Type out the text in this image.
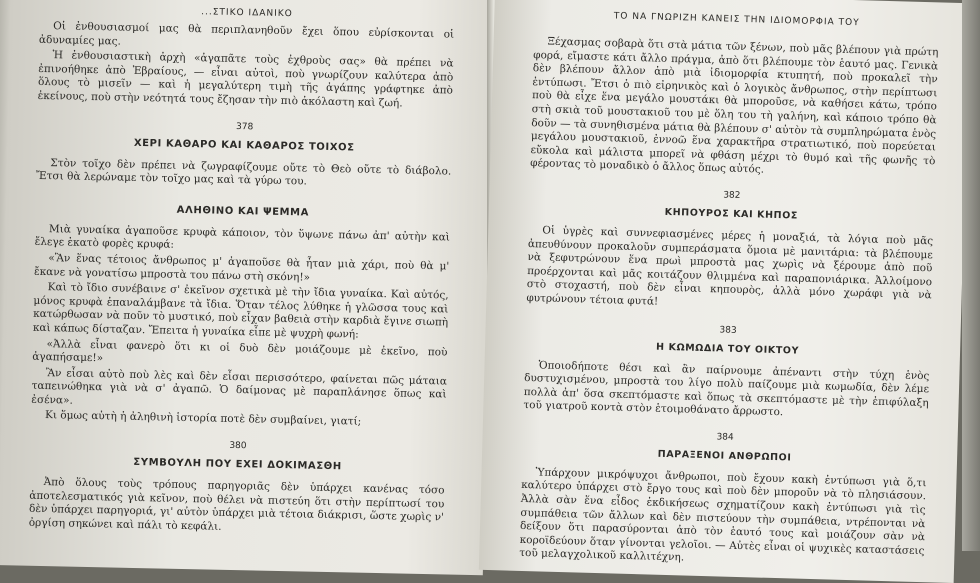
...ΣΤΙΚΟ ΙΔΑΝΙΚΟ

Οἱ ἐνθουσιασμοί μας θὰ περιπλανηθοῦν ἔχει ὅπου εὐρίσκονται οἱ ἀδυναμίες μας.

Ἡ ἐνθουσιαστικὴ ἀρχὴ «ἀγαπᾶτε τοὺς ἐχθροὺς σας» θὰ πρέπει νὰ ἐπινοήθηκε ἀπὸ Ἑβραίους, — εἶναι αὐτοὶ, ποὺ γνωρίζουν καλύτερα ἀπὸ ὅλους τὸ μισεῖν — καὶ ἡ μεγαλύτερη τιμὴ τῆς ἀγάπης γράφτηκε ἀπὸ ἐκείνους, ποὺ στὴν νεότητά τους ἔζησαν τὴν πιὸ ἀκόλαστη καὶ ζωή.

378
ΧΕΡΙ ΚΑΘΑΡΟ ΚΑΙ ΚΑΘΑΡΟΣ ΤΟΙΧΟΣ

Στὸν τοῖχο δὲν πρέπει νὰ ζωγραφίζουμε οὔτε τὸ Θεὸ οὔτε τὸ διάβολο. Ἔτσι θὰ λερώναμε τὸν τοῖχο μας καὶ τὰ γύρω του.

ΑΛΗΘΙΝΟ ΚΑΙ ΨΕΜΜΑ

Μιὰ γυναίκα ἀγαποῦσε κρυφὰ κάποιον, τὸν ὕψωνε πάνω ἀπ' αὐτὴν καὶ ἔλεγε ἑκατὸ φορὲς κρυφά:

«Ἂν ἕνας τέτοιος ἄνθρωπος μ' ἀγαποῦσε θὰ ἦταν μιὰ χάρι, ποὺ θὰ μ' ἔκανε νὰ γονατίσω μπροστὰ του πάνω στὴ σκόνη!»

Καὶ τὸ ἴδιο συνέβαινε σ' ἐκεῖνον σχετικὰ μὲ τὴν ἴδια γυναίκα. Καὶ αὐτός, μόνος κρυφὰ ἐπαναλάμβανε τὰ ἴδια. Ὅταν τέλος λύθηκε ἡ γλῶσσα τους καὶ κατώρθωσαν νὰ ποῦν τὸ μυστικό, ποὺ εἶχαν βαθειὰ στὴν καρδιὰ ἔγινε σιωπὴ καὶ κάπως δίσταζαν. Ἔπειτα ἡ γυναίκα εἶπε μὲ ψυχρὴ φωνή:

«Ἀλλὰ εἶναι φανερὸ ὅτι κι οἱ δυὸ δὲν μοιάζουμε μὲ ἐκεῖνο, ποὺ ἀγαπήσαμε!»

Ἂν εἶσαι αὐτὸ ποὺ λὲς καὶ δὲν εἶσαι περισσότερο, φαίνεται πῶς μάταια ταπεινώθηκα γιὰ νὰ σ' ἀγαπῶ. Ὁ δαίμονας μὲ παραπλάνησε ὅπως καὶ ἐσένα».

Κι ὅμως αὐτὴ ἡ ἀληθινὴ ἱστορία ποτὲ δὲν συμβαίνει, γιατί;

380
ΣΥΜΒΟΥΛΗ ΠΟΥ ΕΧΕΙ ΔΟΚΙΜΑΣΘΗ

Ἀπὸ ὅλους τοὺς τρόπους παρηγοριᾶς δὲν ὑπάρχει κανένας τόσο ἀποτελεσματικός γιὰ κεῖνον, ποὺ θέλει νὰ πιστεύη ὅτι στὴν περίπτωσί του δὲν ὑπάρχει παρηγοριά, γι' αὐτὸν ὑπάρχει μιὰ τέτοια διάκρισι, ὥστε χωρὶς ν' ὀργίση σηκώνει καὶ πάλι τὸ κεφάλι.

ΤΟ ΝΑ ΓΝΩΡΙΖΗ ΚΑΝΕΙΣ ΤΗΝ ΙΔΙΟΜΟΡΦΙΑ ΤΟΥ

Ξέχασμας σοβαρὰ ὅτι στὰ μάτια τῶν ξένων, ποὺ μᾶς βλέπουν γιὰ πρώτη φορά, εἴμαστε κάτι ἄλλο πράγμα, ἀπὸ ὅτι βλέπουμε τὸν ἑαυτό μας. Γενικὰ δὲν βλέπουν ἄλλον ἀπὸ μιὰ ἰδιομορφία κτυπητή, ποὺ προκαλεῖ τὴν ἐντύπωσι. Ἔτσι ὁ πιὸ εἰρηνικὸς καὶ ὁ λογικὸς ἄνθρωπος, στὴν περίπτωσι ποὺ θὰ εἶχε ἕνα μεγάλο μουστάκι θὰ μποροῦσε, νὰ καθήσει κάτω, τρόπο στὴ σκιὰ τοῦ μουστακιοῦ του μὲ ὅλη του τὴ γαλήνη, καὶ κάποιο τρόπο θὰ δοῦν — τὰ συνηθισμένα μάτια θὰ βλέπουν σ' αὐτὸν τὰ συμπληρώματα ἑνὸς μεγάλου μουστακιοῦ, ἐννοῶ ἕνα χαρακτῆρα στρατιωτικό, ποὺ πορεύεται εὔκολα καὶ μάλιστα μπορεῖ νὰ φθάση μέχρι τὸ θυμό καὶ τῆς φωνῆς τὸ φέροντας τὸ μοναδικὸ ὁ ἄλλος ὅπως αὐτός.

382
ΚΗΠΟΥΡΟΣ ΚΑΙ ΚΗΠΟΣ

Οἱ ὑγρὲς καὶ συννεφιασμένες μέρες ἡ μοναξιά, τὰ λόγια ποὺ μᾶς ἀπευθύνουν προκαλοῦν συμπεράσματα ὅμοια μὲ μανιτάρια: τὰ βλέπουμε νὰ ξεφυτρώνουν ἕνα πρωὶ μπροστὰ μας χωρὶς νὰ ξέρουμε ἀπὸ ποῦ προέρχονται καὶ μᾶς κοιτάζουν θλιμμένα καὶ παραπονιάρικα. Ἀλλοίμονο στὸ στοχαστή, ποὺ δὲν εἶναι κηπουρὸς, ἀλλὰ μόνο χωράφι γιὰ νὰ φυτρώνουν τέτοια φυτά!

383
Η ΚΩΜΩΔΙΑ ΤΟΥ ΟΙΚΤΟΥ

Ὁποιοδήποτε θέσι καὶ ἂν παίρνουμε ἀπέναντι στὴν τύχη ἑνὸς δυστυχισμένου, μπροστὰ του λίγο πολὺ παίζουμε μιὰ κωμωδία, δὲν λέμε πολλὰ ἀπ' ὅσα σκεπτόμαστε καὶ ὅπως τὰ σκεπτόμαστε μὲ τὴν ἐπιφύλαξη τοῦ γιατροῦ κοντὰ στὸν ἑτοιμοθάνατο ἄρρωστο.

384
ΠΑΡΑΞΕΝΟΙ ΑΝΘΡΩΠΟΙ

Ὑπάρχουν μικρόψυχοι ἄνθρωποι, ποὺ ἔχουν κακὴ ἐντύπωσι γιὰ ὅ,τι καλύτερο ὑπάρχει στὸ ἔργο τους καὶ ποὺ δὲν μποροῦν νὰ τὸ πλησιάσουν. Ἀλλὰ σὰν ἕνα εἶδος ἐκδικήσεως σχηματίζουν κακὴ ἐντύπωσι γιὰ τὶς συμπάθεια τῶν ἄλλων καὶ δὲν πιστεύουν τὴν συμπάθεια, ντρέπονται νὰ δείξουν ὅτι παρασύρονται ἀπὸ τὸν ἑαυτό τους καὶ μοιάζουν σὰν νὰ κοροϊδεύουν ὅταν γίνονται γελοῖοι. — Αὐτὲς εἶναι οἱ ψυχικὲς καταστάσεις τοῦ μελαγχολικοῦ καλλιτέχνη.
